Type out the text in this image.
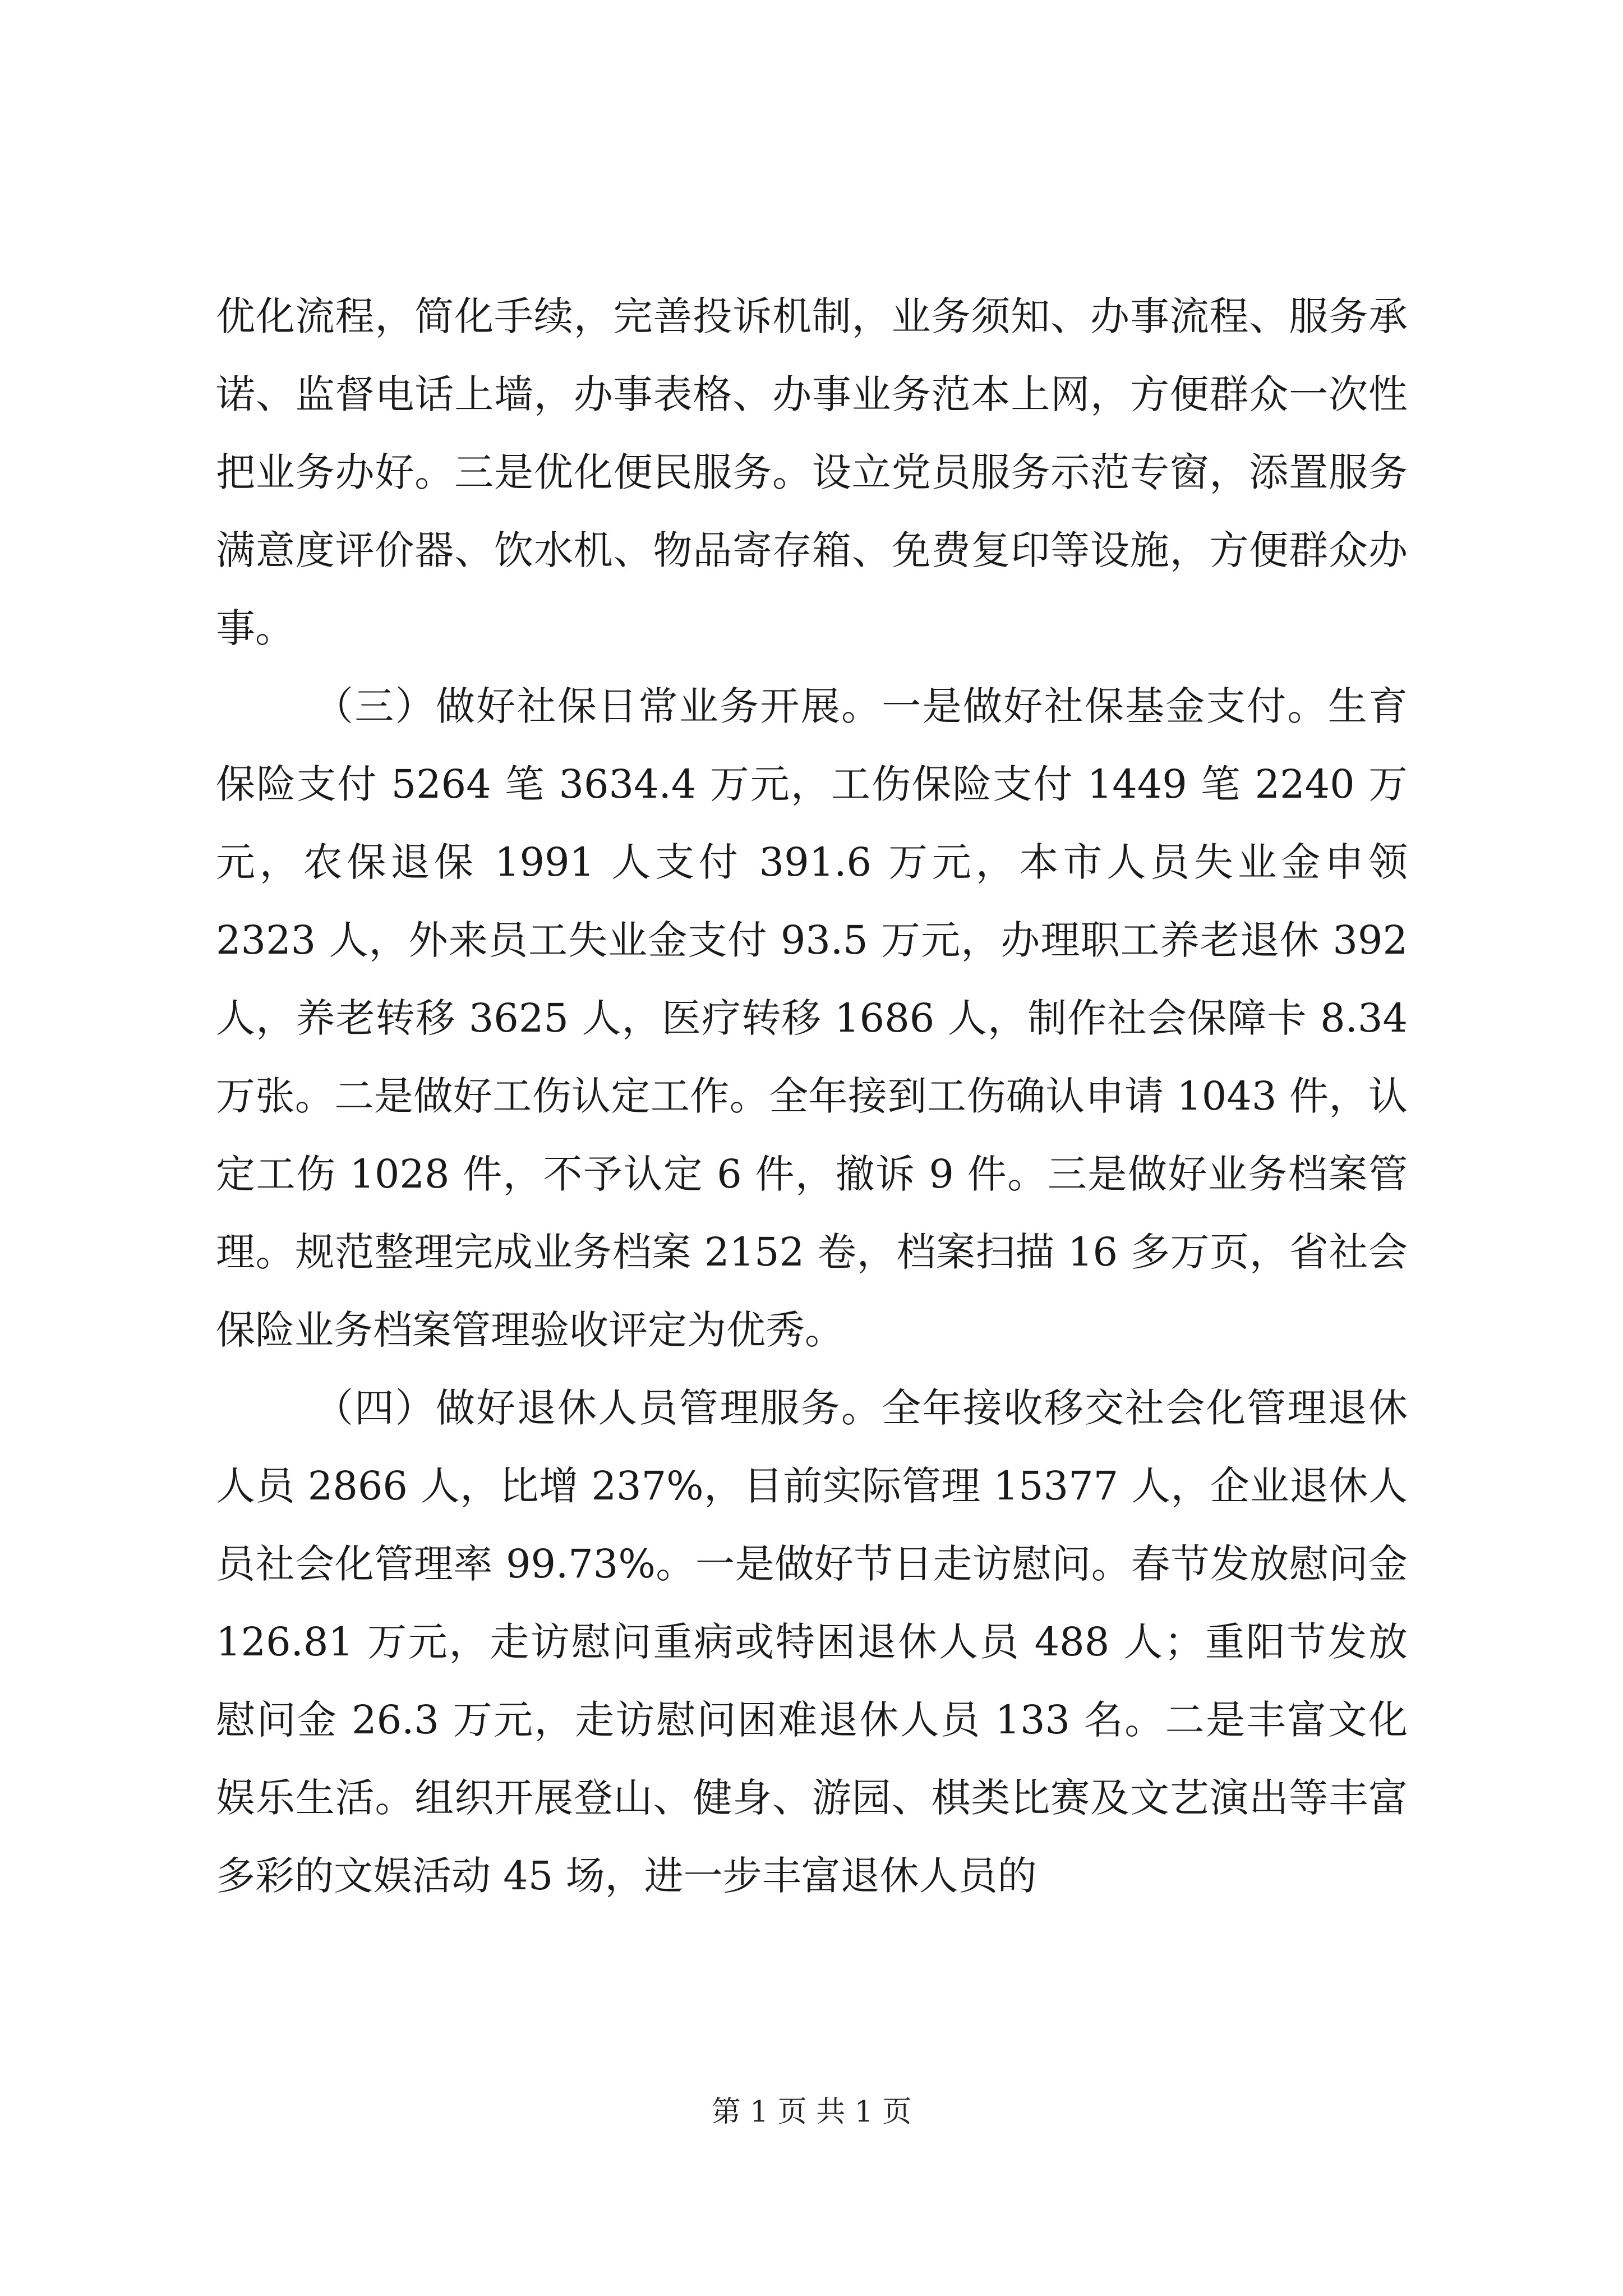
优化流程，简化手续，完善投诉机制，业务须知、办事流程、服务承诺、监督电话上墙，办事表格、办事业务范本上网，方便群众一次性把业务办好。三是优化便民服务。设立党员服务示范专窗，添置服务满意度评价器、饮水机、物品寄存箱、免费复印等设施，方便群众办事。

（三）做好社保日常业务开展。一是做好社保基金支付。生育保险支付 5264 笔 3634.4 万元，工伤保险支付 1449 笔 2240 万元，农保退保 1991 人支付 391.6 万元，本市人员失业金申领 2323 人，外来员工失业金支付 93.5 万元，办理职工养老退休 392 人，养老转移 3625 人，医疗转移 1686 人，制作社会保障卡 8.34 万张。二是做好工伤认定工作。全年接到工伤确认申请 1043 件，认定工伤 1028 件，不予认定 6 件，撤诉 9 件。三是做好业务档案管理。规范整理完成业务档案 2152 卷，档案扫描 16 多万页，省社会保险业务档案管理验收评定为优秀。

（四）做好退休人员管理服务。全年接收移交社会化管理退休人员 2866 人，比增 237%，目前实际管理 15377 人，企业退休人员社会化管理率 99.73%。一是做好节日走访慰问。春节发放慰问金 126.81 万元，走访慰问重病或特困退休人员 488 人；重阳节发放慰问金 26.3 万元，走访慰问困难退休人员 133 名。二是丰富文化娱乐生活。组织开展登山、健身、游园、棋类比赛及文艺演出等丰富多彩的文娱活动 45 场，进一步丰富退休人员的

第 1 页 共 1 页
